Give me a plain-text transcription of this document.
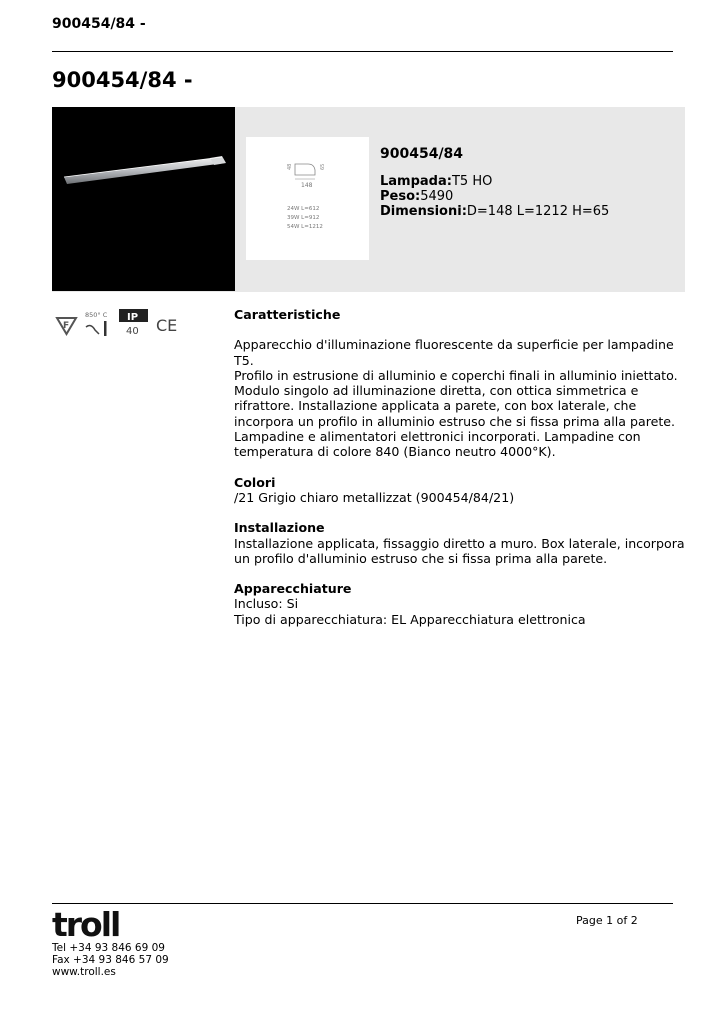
900454/84 -
900454/84 -
48	65
148
24W L=612
39W L=912
54W L=1212
900454/84
Lampada:T5 HO
Peso:5490
Dimensioni:D=148 L=1212 H=65
F
850° C IP
40 CE
Caratteristiche

Apparecchio d'illuminazione fluorescente da superficie per lampadine T5.

Profilo in estrusione di alluminio e coperchi finali in alluminio iniettato.

Modulo singolo ad illuminazione diretta, con ottica simmetrica e

rifrattore. Installazione applicata a parete, con box laterale, che

incorpora un profilo in alluminio estruso che si fissa prima alla parete.

Lampadine e alimentatori elettronici incorporati. Lampadine con

temperatura di colore 840 (Bianco neutro 4000°K).

Colori

/21 Grigio chiaro metallizzat (900454/84/21)

Installazione

Installazione applicata, fissaggio diretto a muro. Box laterale, incorpora

un profilo d'alluminio estruso che si fissa prima alla parete.

Apparecchiature

Incluso: Si

Tipo di apparecchiatura: EL Apparecchiatura elettronica

troll	Page 1 of 2
Tel +34 93 846 69 09
Fax +34 93 846 57 09
www.troll.es
